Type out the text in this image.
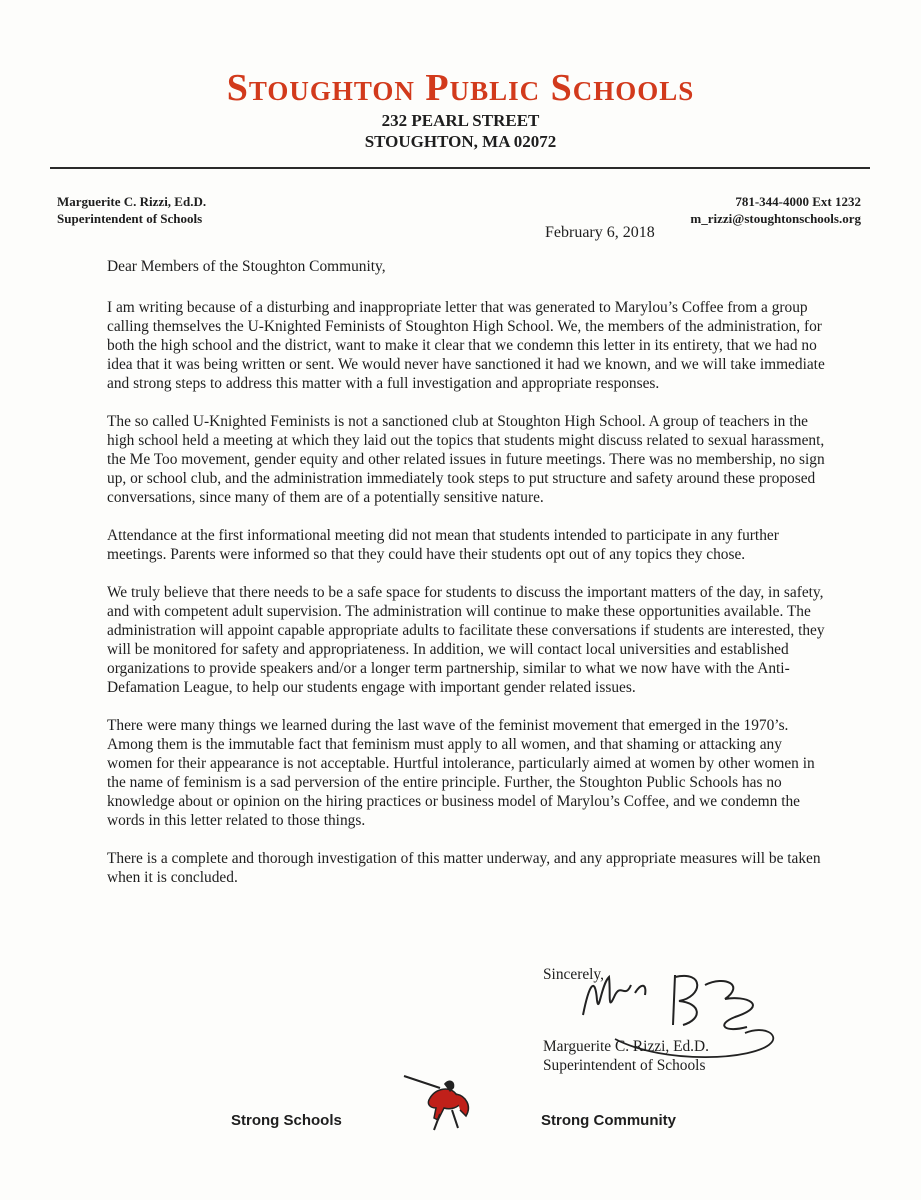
Stoughton Public Schools
232 PEARL STREET
STOUGHTON, MA 02072
Marguerite C. Rizzi, Ed.D.
Superintendent of Schools
781-344-4000 Ext 1232
m_rizzi@stoughtonschools.org
February 6, 2018

Dear Members of the Stoughton Community,

I am writing because of a disturbing and inappropriate letter that was generated to Marylou’s Coffee from a group calling themselves the U-Knighted Feminists of Stoughton High School. We, the members of the administration, for both the high school and the district, want to make it clear that we condemn this letter in its entirety, that we had no idea that it was being written or sent. We would never have sanctioned it had we known, and we will take immediate and strong steps to address this matter with a full investigation and appropriate responses.

The so called U-Knighted Feminists is not a sanctioned club at Stoughton High School. A group of teachers in the high school held a meeting at which they laid out the topics that students might discuss related to sexual harassment, the Me Too movement, gender equity and other related issues in future meetings. There was no membership, no sign up, or school club, and the administration immediately took steps to put structure and safety around these proposed conversations, since many of them are of a potentially sensitive nature.

Attendance at the first informational meeting did not mean that students intended to participate in any further meetings. Parents were informed so that they could have their students opt out of any topics they chose.

We truly believe that there needs to be a safe space for students to discuss the important matters of the day, in safety, and with competent adult supervision. The administration will continue to make these opportunities available. The administration will appoint capable appropriate adults to facilitate these conversations if students are interested, they will be monitored for safety and appropriateness. In addition, we will contact local universities and established organizations to provide speakers and/or a longer term partnership, similar to what we now have with the Anti-Defamation League, to help our students engage with important gender related issues.

There were many things we learned during the last wave of the feminist movement that emerged in the 1970’s. Among them is the immutable fact that feminism must apply to all women, and that shaming or attacking any women for their appearance is not acceptable. Hurtful intolerance, particularly aimed at women by other women in the name of feminism is a sad perversion of the entire principle. Further, the Stoughton Public Schools has no knowledge about or opinion on the hiring practices or business model of Marylou’s Coffee, and we condemn the words in this letter related to those things.

There is a complete and thorough investigation of this matter underway, and any appropriate measures will be taken when it is concluded.

Sincerely,
Marguerite C. Rizzi, Ed.D.
Superintendent of Schools
Strong Schools	Strong Community
